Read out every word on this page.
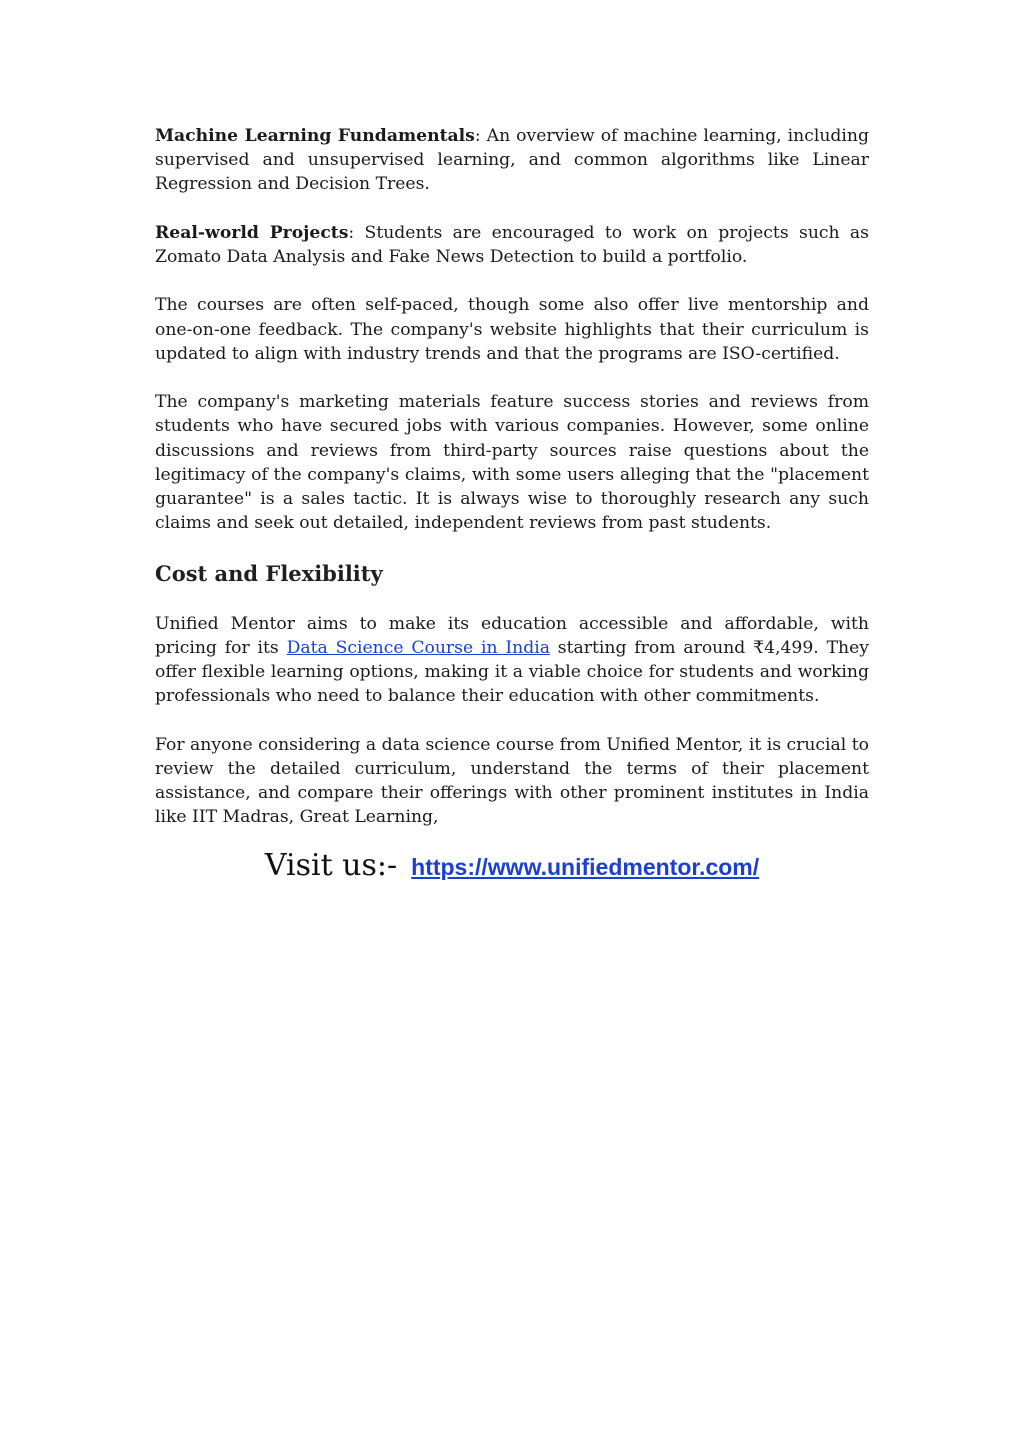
Machine Learning Fundamentals: An overview of machine learning, including supervised and unsupervised learning, and common algorithms like Linear Regression and Decision Trees.

Real-world Projects: Students are encouraged to work on projects such as Zomato Data Analysis and Fake News Detection to build a portfolio.

The courses are often self-paced, though some also offer live mentorship and one-on-one feedback. The company's website highlights that their curriculum is updated to align with industry trends and that the programs are ISO-certified.

The company's marketing materials feature success stories and reviews from students who have secured jobs with various companies. However, some online discussions and reviews from third-party sources raise questions about the legitimacy of the company's claims, with some users alleging that the "placement guarantee" is a sales tactic. It is always wise to thoroughly research any such claims and seek out detailed, independent reviews from past students.

Cost and Flexibility

Unified Mentor aims to make its education accessible and affordable, with pricing for its Data Science Course in India starting from around ₹4,499. They offer flexible learning options, making it a viable choice for students and working professionals who need to balance their education with other commitments.

For anyone considering a data science course from Unified Mentor, it is crucial to review the detailed curriculum, understand the terms of their placement assistance, and compare their offerings with other prominent institutes in India like IIT Madras, Great Learning,

Visit us:- https://www.unifiedmentor.com/
